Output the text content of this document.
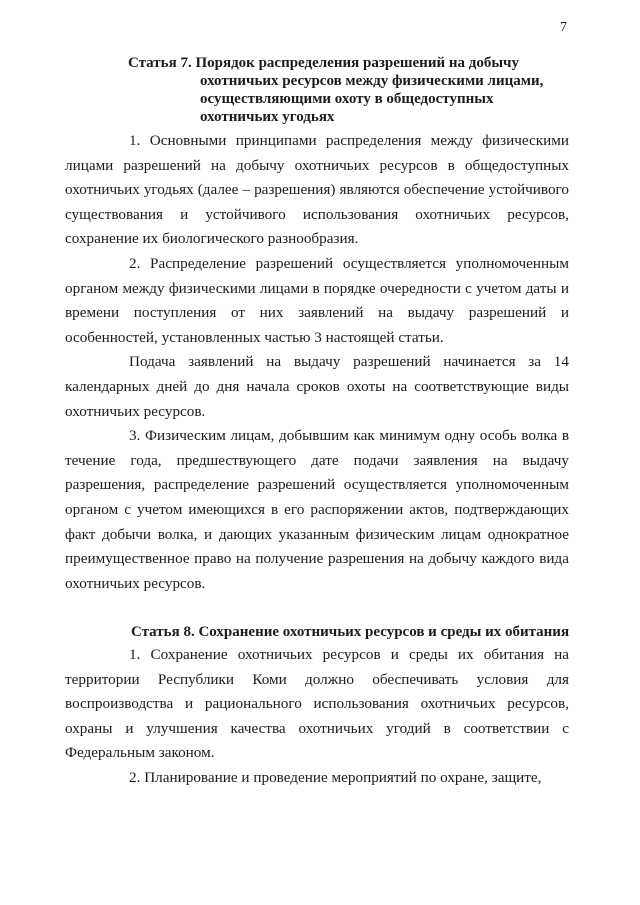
7
Статья 7. Порядок распределения разрешений на добычу
охотничьих ресурсов между физическими лицами,
осуществляющими охоту в общедоступных
охотничьих угодьях

1. Основными принципами распределения между физическими лицами разрешений на добычу охотничьих ресурсов в общедоступных охотничьих угодьях (далее – разрешения) являются обеспечение устойчивого существования и устойчивого использования охотничьих ресурсов, сохранение их биологического разнообразия.

2. Распределение разрешений осуществляется уполномоченным органом между физическими лицами в порядке очередности с учетом даты и времени поступления от них заявлений на выдачу разрешений и особенностей, установленных частью 3 настоящей статьи.

Подача заявлений на выдачу разрешений начинается за 14 календарных дней до дня начала сроков охоты на соответствующие виды охотничьих ресурсов.

3. Физическим лицам, добывшим как минимум одну особь волка в течение года, предшествующего дате подачи заявления на выдачу разрешения, распределение разрешений осуществляется уполномоченным органом с учетом имеющихся в его распоряжении актов, подтверждающих факт добычи волка, и дающих указанным физическим лицам однократное преимущественное право на получение разрешения на добычу каждого вида охотничьих ресурсов.

Статья 8. Сохранение охотничьих ресурсов и среды их обитания

1. Сохранение охотничьих ресурсов и среды их обитания на территории Республики Коми должно обеспечивать условия для воспроизводства и рационального использования охотничьих ресурсов, охраны и улучшения качества охотничьих угодий в соответствии с Федеральным законом.

2. Планирование и проведение мероприятий по охране, защите,
